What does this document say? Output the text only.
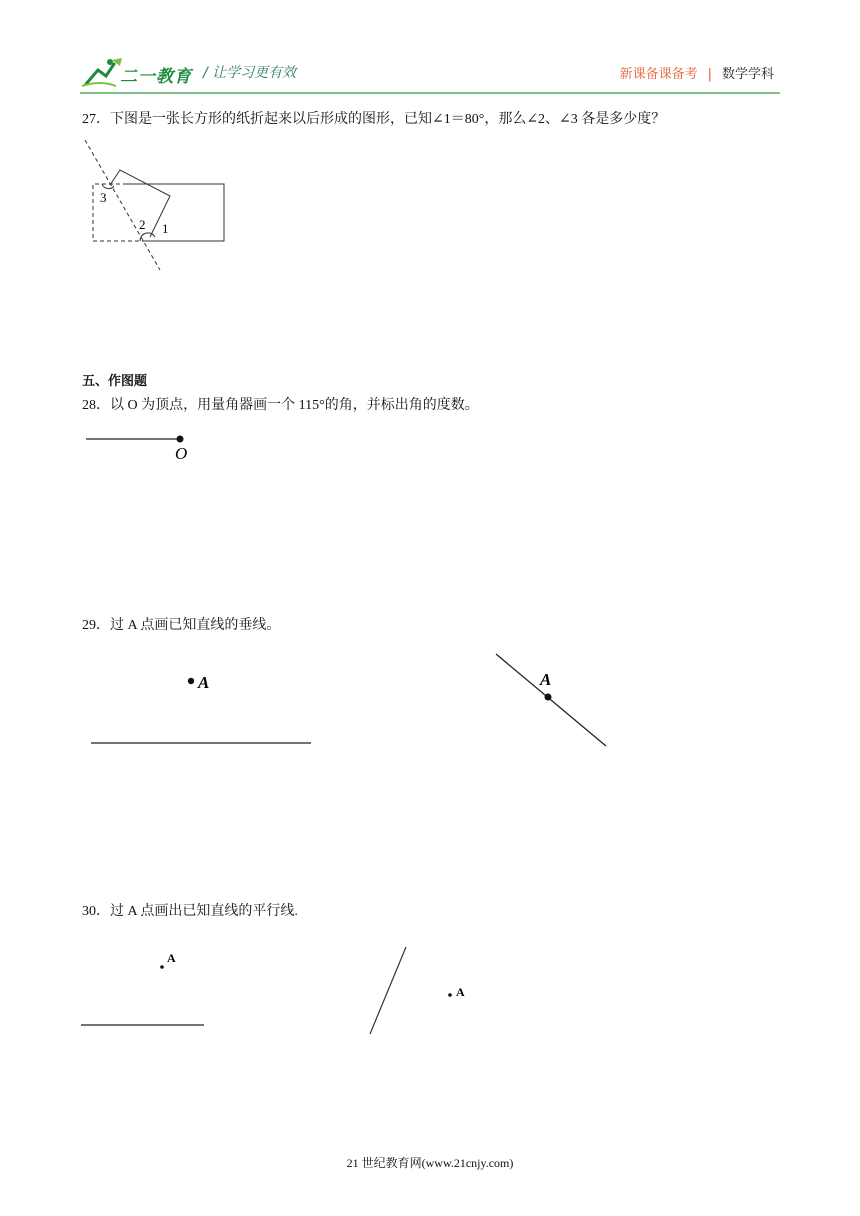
二一教育 / 让学习更有效	新课备课备考 | 数学学科
27．下图是一张长方形的纸折起来以后形成的图形，已知∠1＝80°，那么∠2、∠3 各是多少度？
3
2 1
五、作图题
28．以 O 为顶点，用量角器画一个 115°的角，并标出角的度数。
O
29．过 A 点画已知直线的垂线。
A	A
30．过 A 点画出已知直线的平行线.
A
A
21 世纪教育网(www.21cnjy.com)
